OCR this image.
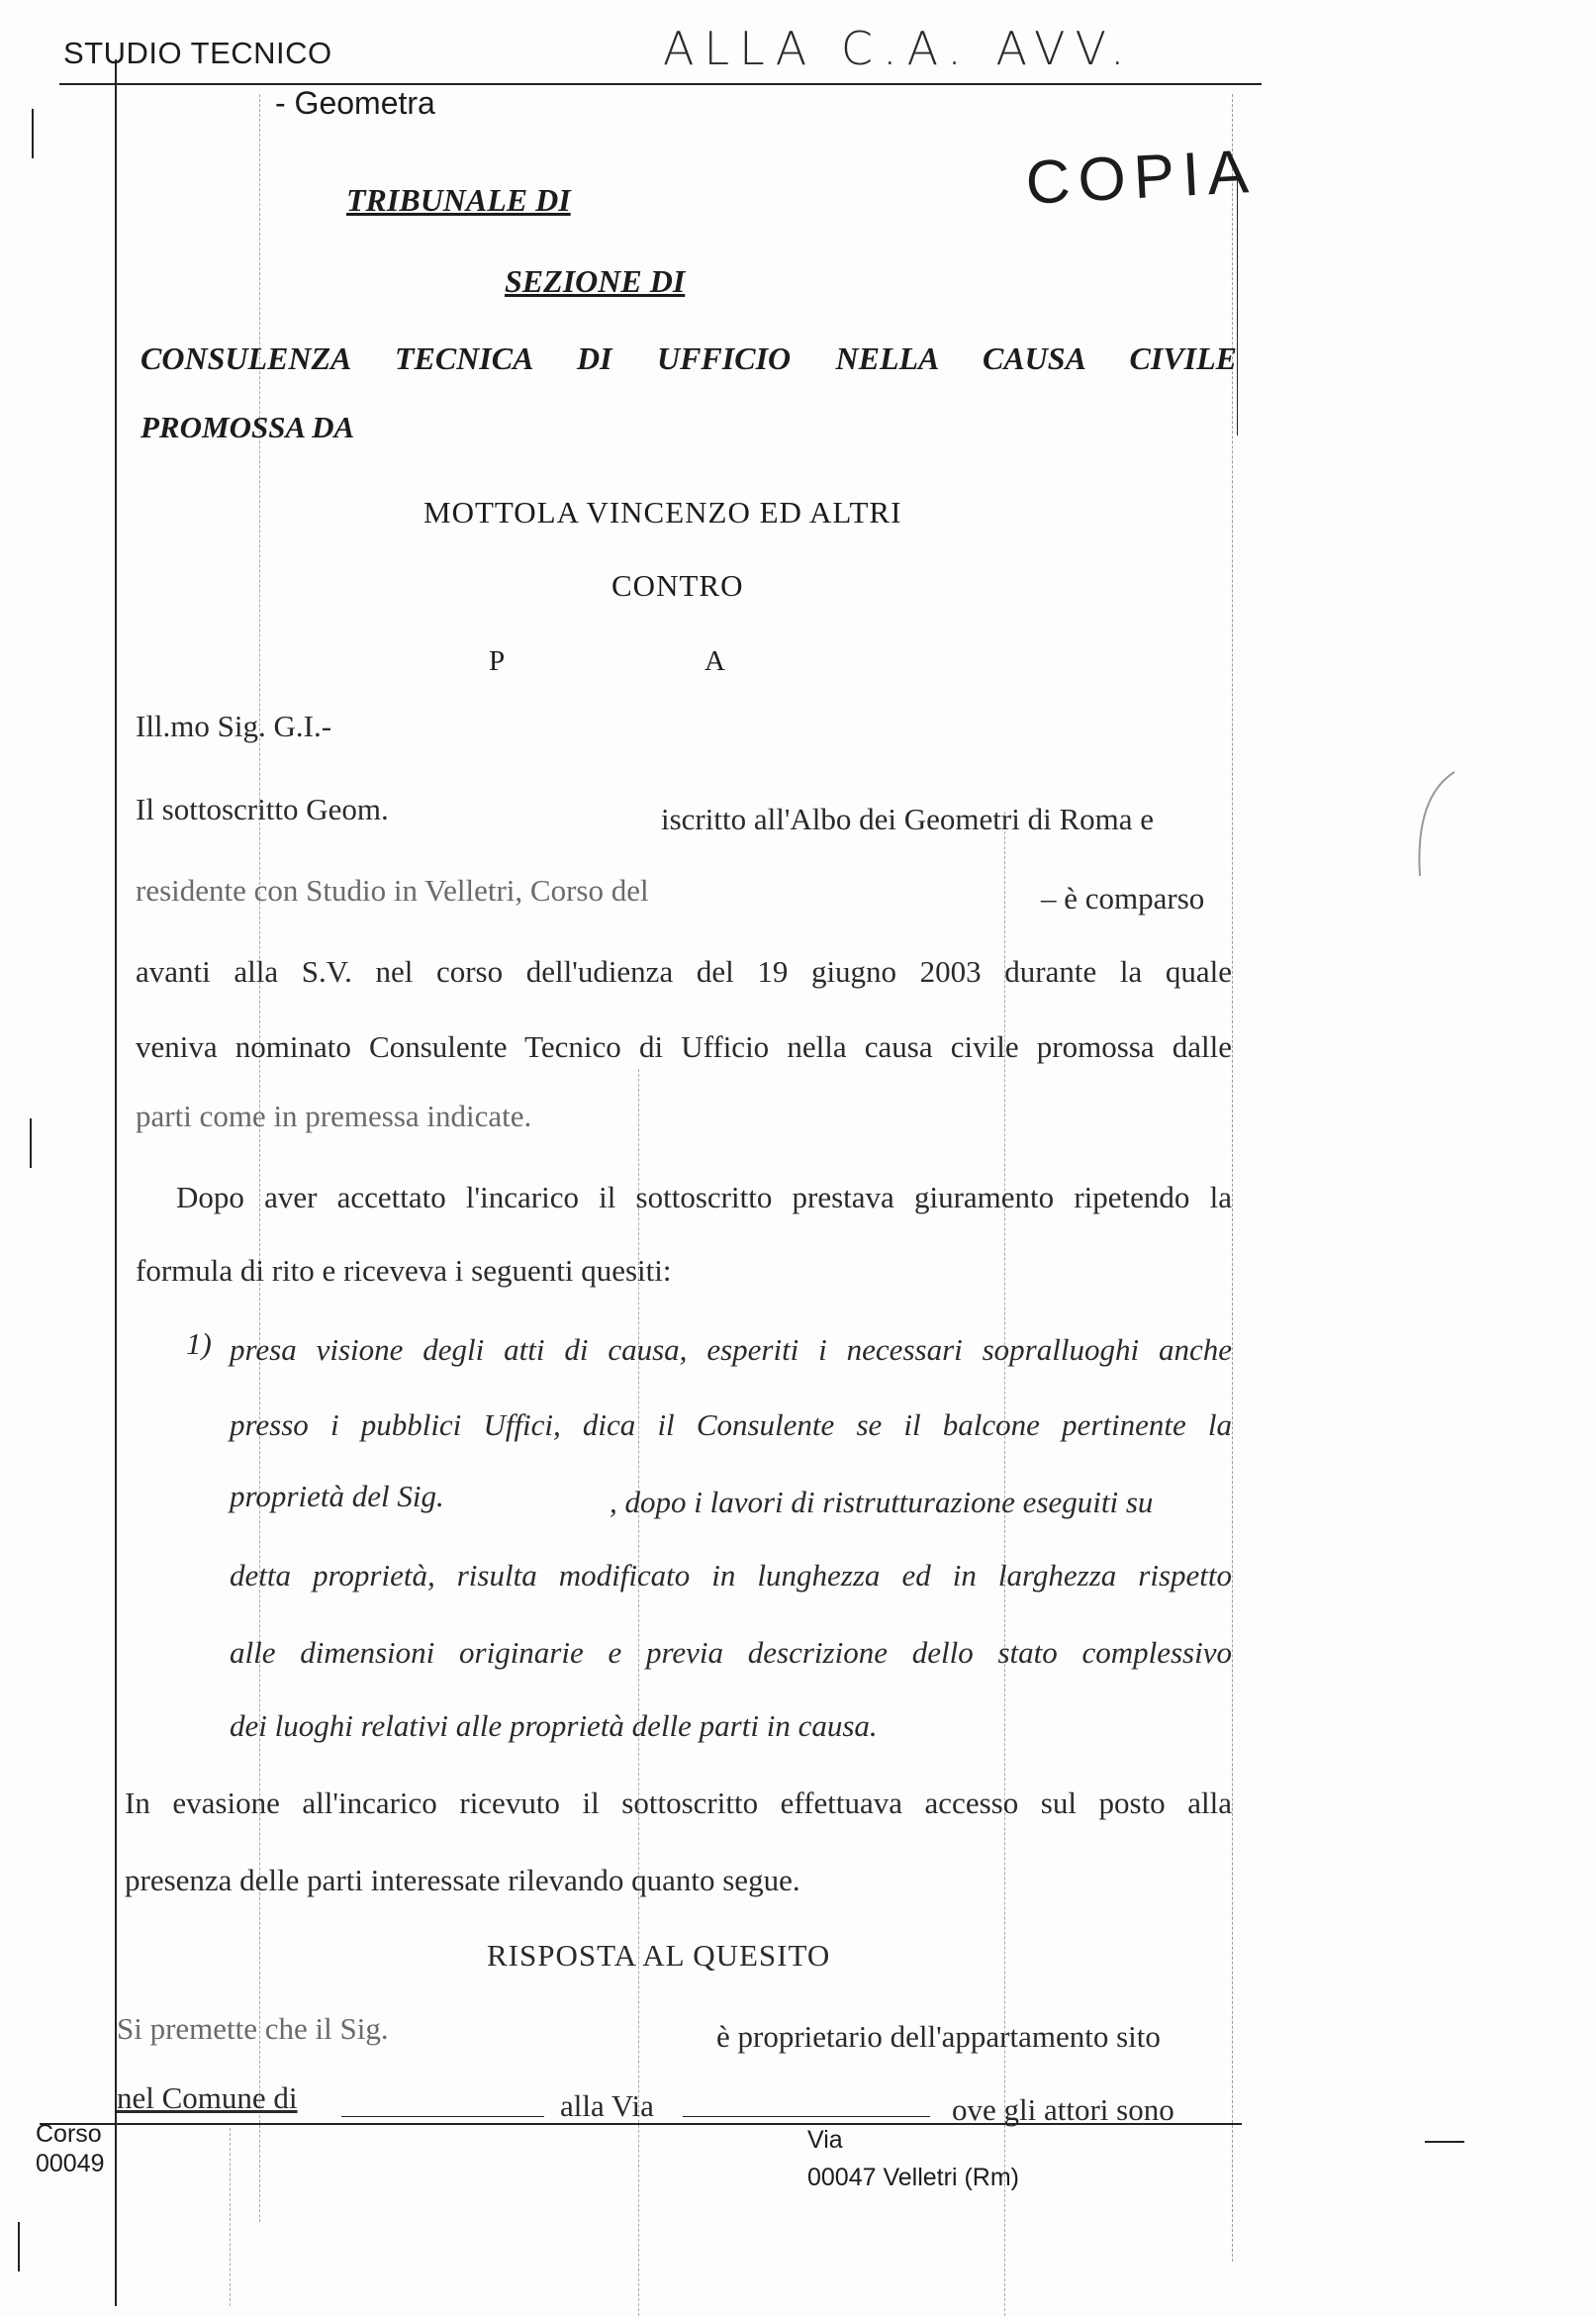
STUDIO TECNICO
- Geometra
ALLA C.A. AVV.
COPIA
TRIBUNALE DI
SEZIONE DI
CONSULENZA TECNICA DI UFFICIO NELLA CAUSA CIVILE
PROMOSSA DA
MOTTOLA VINCENZO ED ALTRI
CONTRO
P	A
Ill.mo Sig. G.I.-
Il sottoscritto Geom.	iscritto all'Albo dei Geometri di Roma e
residente con Studio in Velletri, Corso del	– è comparso
avanti alla S.V. nel corso dell'udienza del 19 giugno 2003 durante la quale
veniva nominato Consulente Tecnico di Ufficio nella causa civile promossa dalle
parti come in premessa indicate.
Dopo aver accettato l'incarico il sottoscritto prestava giuramento ripetendo la
formula di rito e riceveva i seguenti quesiti:
1) presa visione degli atti di causa, esperiti i necessari sopralluoghi anche
presso i pubblici Uffici, dica il Consulente se il balcone pertinente la
proprietà del Sig.	, dopo i lavori di ristrutturazione eseguiti su
detta proprietà, risulta modificato in lunghezza ed in larghezza rispetto
alle dimensioni originarie e previa descrizione dello stato complessivo
dei luoghi relativi alle proprietà delle parti in causa.
In evasione all'incarico ricevuto il sottoscritto effettuava accesso sul posto alla
presenza delle parti interessate rilevando quanto segue.
RISPOSTA AL QUESITO
Si premette che il Sig.	è proprietario dell'appartamento sito
nel Comune di	alla Via	ove gli attori sono
Corso
00049
Via
00047 Velletri (Rm)
